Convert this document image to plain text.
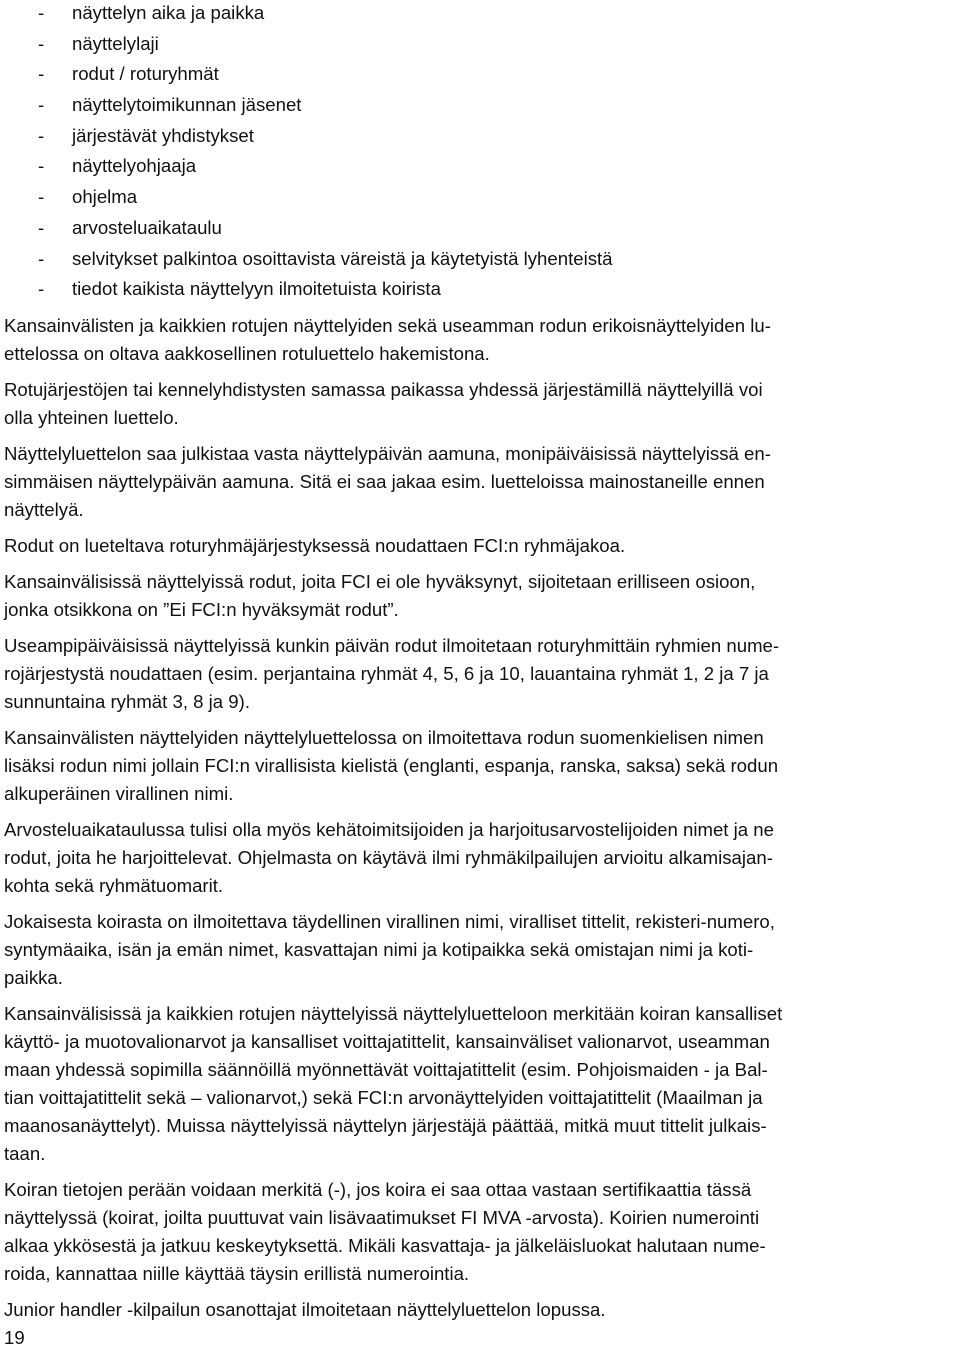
- näyttelyn aika ja paikka
- näyttelylaji
- rodut / roturyhmät
- näyttelytoimikunnan jäsenet
- järjestävät yhdistykset
- näyttelyohjaaja
- ohjelma
- arvosteluaikataulu
- selvitykset palkintoa osoittavista väreistä ja käytetyistä lyhenteistä
- tiedot kaikista näyttelyyn ilmoitetuista koirista

Kansainvälisten ja kaikkien rotujen näyttelyiden sekä useamman rodun erikoisnäyttelyiden lu-
ettelossa on oltava aakkosellinen rotuluettelo hakemistona.

Rotujärjestöjen tai kennelyhdistysten samassa paikassa yhdessä järjestämillä näyttelyillä voi
olla yhteinen luettelo.

Näyttelyluettelon saa julkistaa vasta näyttelypäivän aamuna, monipäiväisissä näyttelyissä en-
simmäisen näyttelypäivän aamuna. Sitä ei saa jakaa esim. luetteloissa mainostaneille ennen
näyttelyä.

Rodut on lueteltava roturyhmäjärjestyksessä noudattaen FCI:n ryhmäjakoa.

Kansainvälisissä näyttelyissä rodut, joita FCI ei ole hyväksynyt, sijoitetaan erilliseen osioon,
jonka otsikkona on ”Ei FCI:n hyväksymät rodut”.

Useampipäiväisissä näyttelyissä kunkin päivän rodut ilmoitetaan roturyhmittäin ryhmien nume-
rojärjestystä noudattaen (esim. perjantaina ryhmät 4, 5, 6 ja 10, lauantaina ryhmät 1, 2 ja 7 ja
sunnuntaina ryhmät 3, 8 ja 9).

Kansainvälisten näyttelyiden näyttelyluettelossa on ilmoitettava rodun suomenkielisen nimen
lisäksi rodun nimi jollain FCI:n virallisista kielistä (englanti, espanja, ranska, saksa) sekä rodun
alkuperäinen virallinen nimi.

Arvosteluaikataulussa tulisi olla myös kehätoimitsijoiden ja harjoitusarvostelijoiden nimet ja ne
rodut, joita he harjoittelevat. Ohjelmasta on käytävä ilmi ryhmäkilpailujen arvioitu alkamisajan-
kohta sekä ryhmätuomarit.

Jokaisesta koirasta on ilmoitettava täydellinen virallinen nimi, viralliset tittelit, rekisteri-numero,
syntymäaika, isän ja emän nimet, kasvattajan nimi ja kotipaikka sekä omistajan nimi ja koti-
paikka.

Kansainvälisissä ja kaikkien rotujen näyttelyissä näyttelyluetteloon merkitään koiran kansalliset
käyttö- ja muotovalionarvot ja kansalliset voittajatittelit, kansainväliset valionarvot, useamman
maan yhdessä sopimilla säännöillä myönnettävät voittajatittelit (esim. Pohjoismaiden - ja Bal-
tian voittajatittelit sekä – valionarvot,) sekä FCI:n arvonäyttelyiden voittajatittelit (Maailman ja
maanosanäyttelyt). Muissa näyttelyissä näyttelyn järjestäjä päättää, mitkä muut tittelit julkais-
taan.

Koiran tietojen perään voidaan merkitä (-), jos koira ei saa ottaa vastaan sertifikaattia tässä
näyttelyssä (koirat, joilta puuttuvat vain lisävaatimukset FI MVA -arvosta). Koirien numerointi
alkaa ykkösestä ja jatkuu keskeytyksettä. Mikäli kasvattaja- ja jälkeläisluokat halutaan nume-
roida, kannattaa niille käyttää täysin erillistä numerointia.

Junior handler -kilpailun osanottajat ilmoitetaan näyttelyluettelon lopussa.

19
